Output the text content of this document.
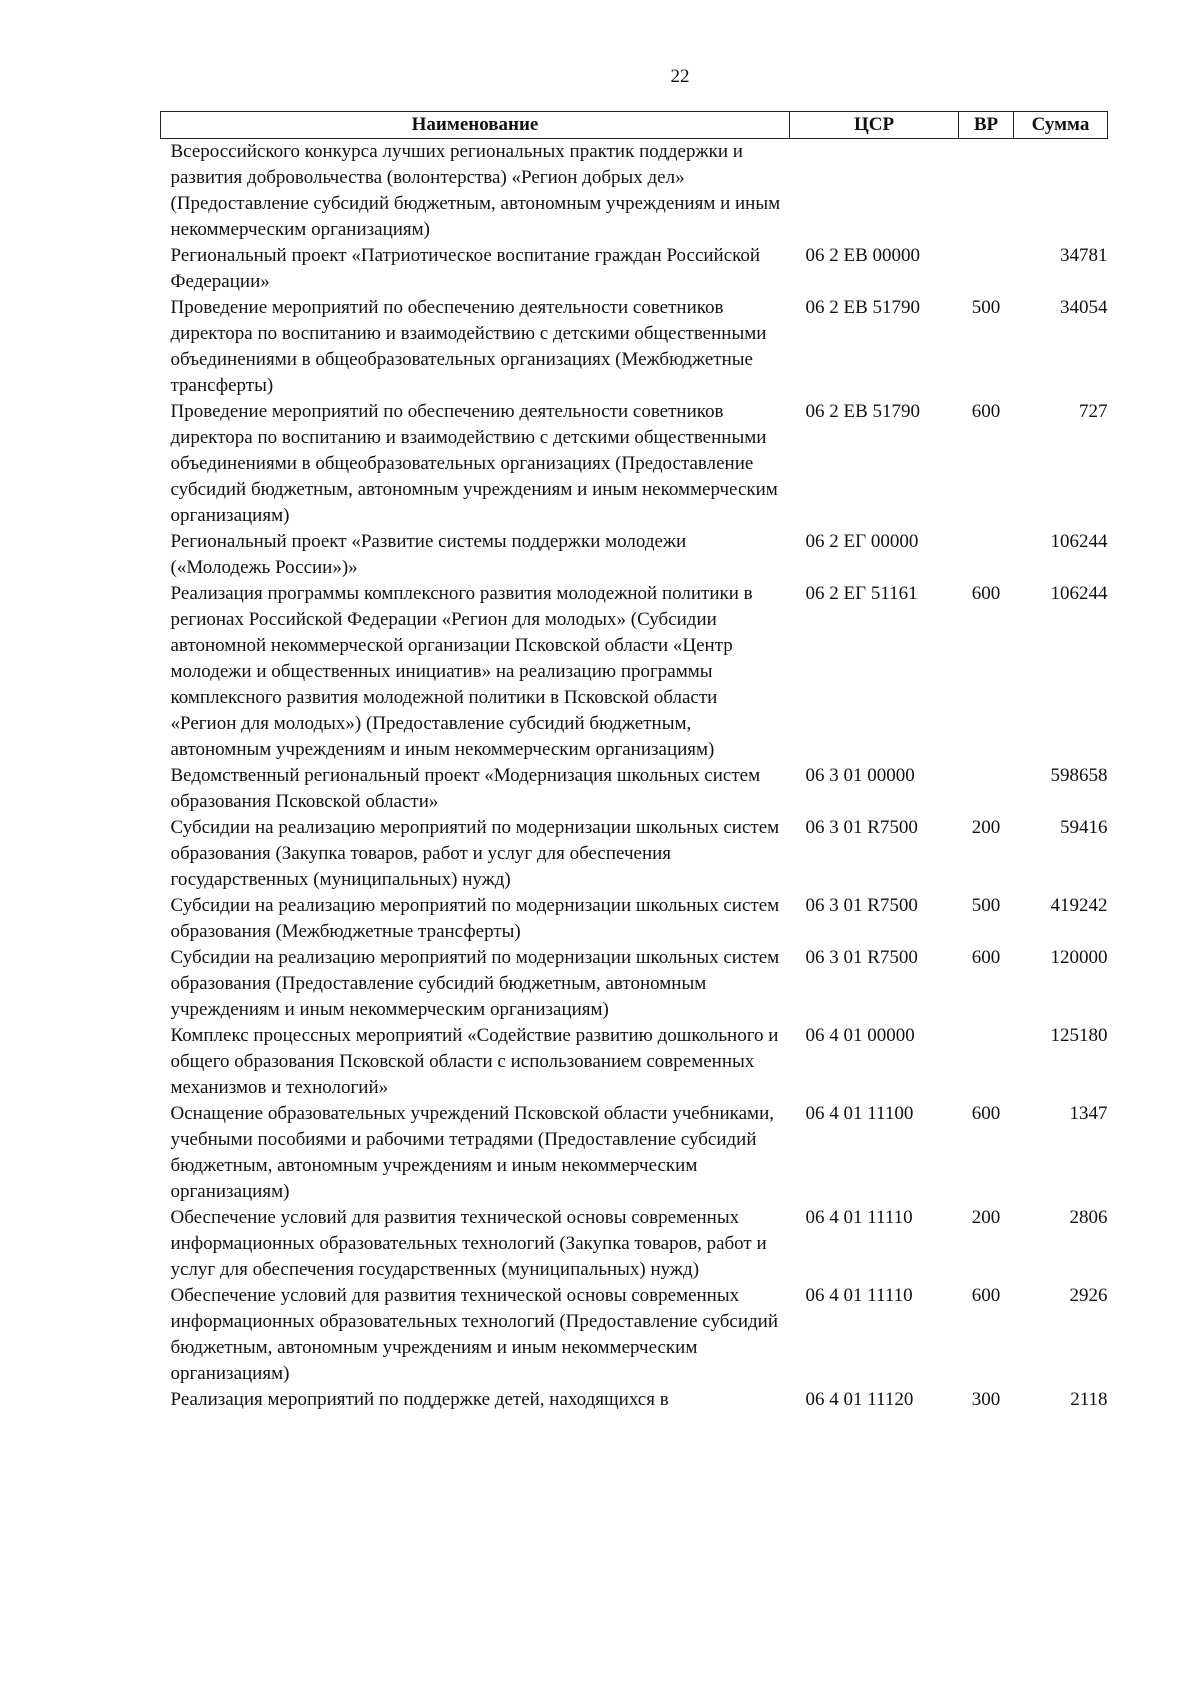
22
Наименование	ЦСР	ВР	Сумма
Всероссийского конкурса лучших региональных практик поддержки и развития добровольчества (волонтерства) «Регион добрых дел» (Предоставление субсидий бюджетным, автономным учреждениям и иным некоммерческим организациям)			
Региональный проект «Патриотическое воспитание граждан Российской Федерации»	06 2 EB 00000		34781
Проведение мероприятий по обеспечению деятельности советников директора по воспитанию и взаимодействию с детскими общественными объединениями в общеобразовательных организациях (Межбюджетные трансферты)	06 2 EB 51790	500	34054
Проведение мероприятий по обеспечению деятельности советников директора по воспитанию и взаимодействию с детскими общественными объединениями в общеобразовательных организациях (Предоставление субсидий бюджетным, автономным учреждениям и иным некоммерческим организациям)	06 2 EB 51790	600	727
Региональный проект «Развитие системы поддержки молодежи («Молодежь России»)»	06 2 EГ 00000		106244
Реализация программы комплексного развития молодежной политики в регионах Российской Федерации «Регион для молодых» (Субсидии автономной некоммерческой организации Псковской области «Центр молодежи и общественных инициатив» на реализацию программы комплексного развития молодежной политики в Псковской области «Регион для молодых») (Предоставление субсидий бюджетным, автономным учреждениям и иным некоммерческим организациям)	06 2 EГ 51161	600	106244
Ведомственный региональный проект «Модернизация школьных систем образования Псковской области»	06 3 01 00000		598658
Субсидии на реализацию мероприятий по модернизации школьных систем образования (Закупка товаров, работ и услуг для обеспечения государственных (муниципальных) нужд)	06 3 01 R7500	200	59416
Субсидии на реализацию мероприятий по модернизации школьных систем образования (Межбюджетные трансферты)	06 3 01 R7500	500	419242
Субсидии на реализацию мероприятий по модернизации школьных систем образования (Предоставление субсидий бюджетным, автономным учреждениям и иным некоммерческим организациям)	06 3 01 R7500	600	120000
Комплекс процессных мероприятий «Содействие развитию дошкольного и общего образования Псковской области с использованием современных механизмов и технологий»	06 4 01 00000		125180
Оснащение образовательных учреждений Псковской области учебниками, учебными пособиями и рабочими тетрадями (Предоставление субсидий бюджетным, автономным учреждениям и иным некоммерческим организациям)	06 4 01 11100	600	1347
Обеспечение условий для развития технической основы современных информационных образовательных технологий (Закупка товаров, работ и услуг для обеспечения государственных (муниципальных) нужд)	06 4 01 11110	200	2806
Обеспечение условий для развития технической основы современных информационных образовательных технологий (Предоставление субсидий бюджетным, автономным учреждениям и иным некоммерческим организациям)	06 4 01 11110	600	2926
Реализация мероприятий по поддержке детей, находящихся в	06 4 01 11120	300	2118
